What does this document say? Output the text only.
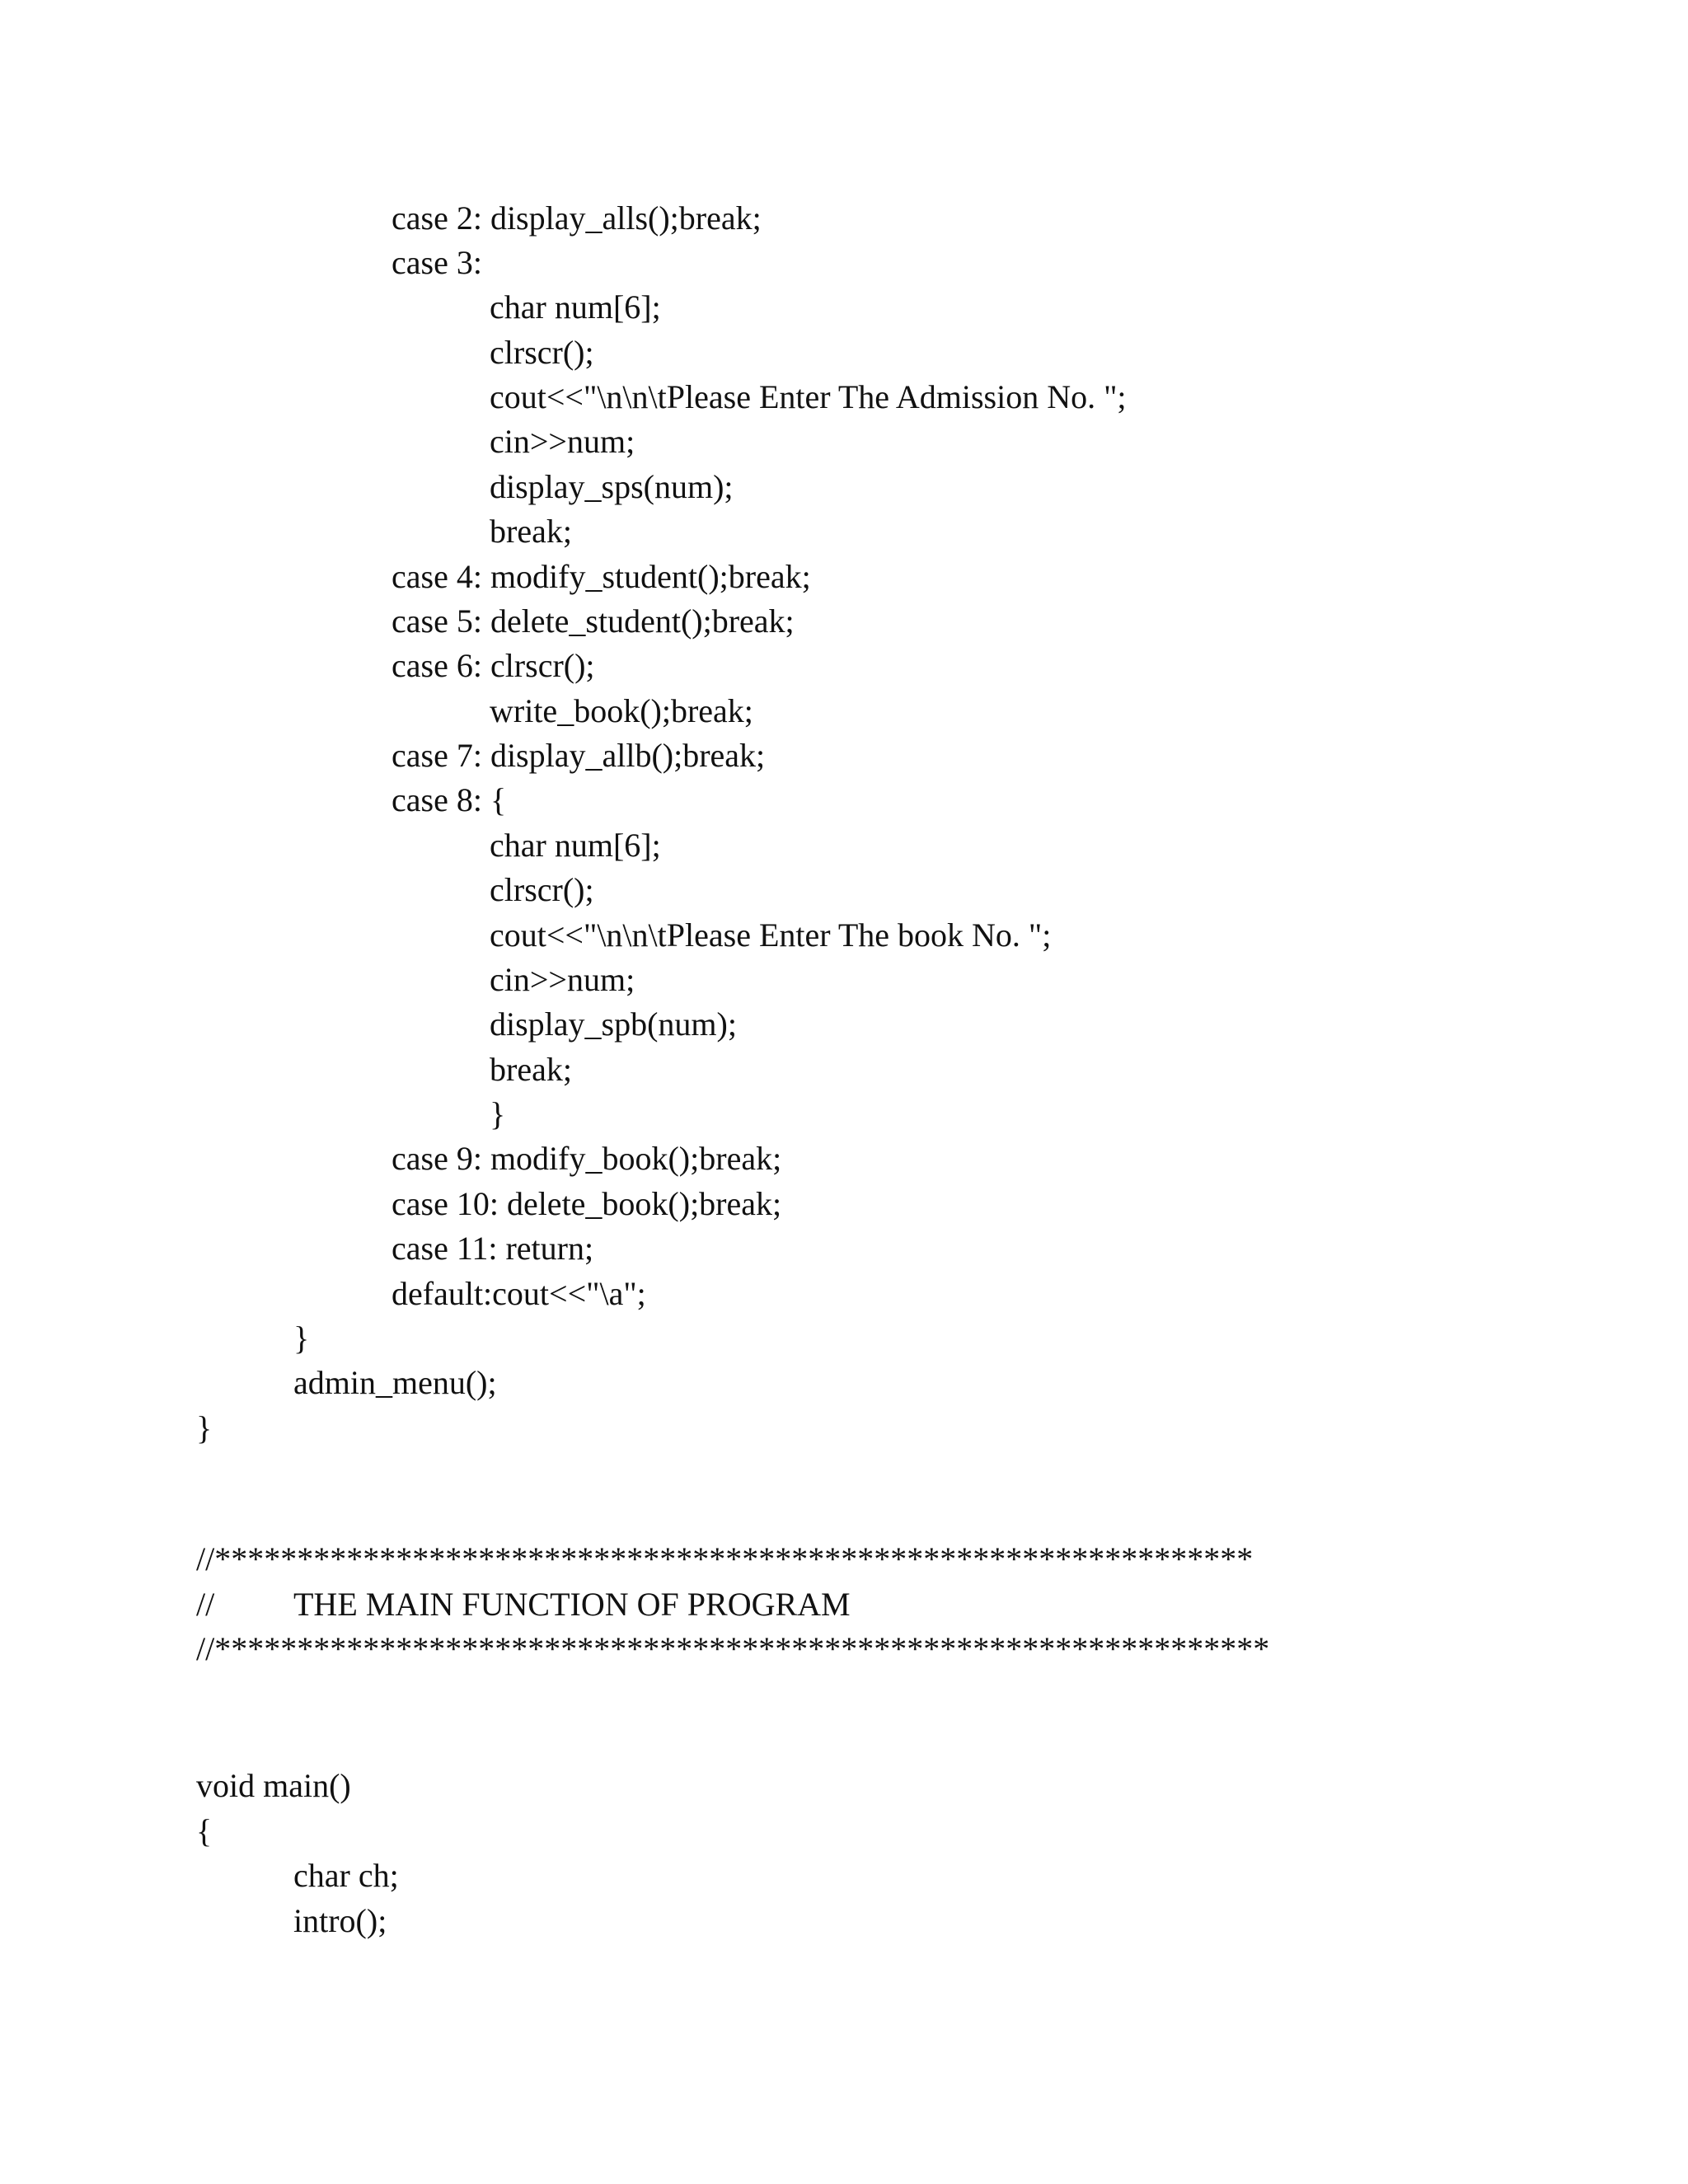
case 2: display_alls();break;
case 3:
char num[6];
clrscr();
cout<<"\n\n\tPlease Enter The Admission No. ";
cin>>num;
display_sps(num);
break;
case 4: modify_student();break;
case 5: delete_student();break;
case 6: clrscr();
write_book();break;
case 7: display_allb();break;
case 8: {
char num[6];
clrscr();
cout<<"\n\n\tPlease Enter The book No. ";
cin>>num;
display_spb(num);
break;
}
case 9: modify_book();break;
case 10: delete_book();break;
case 11: return;
default:cout<<"\a";
}
admin_menu();
}
//***************************************************************
// THE MAIN FUNCTION OF PROGRAM
//****************************************************************
void main()
{
char ch;
intro();
